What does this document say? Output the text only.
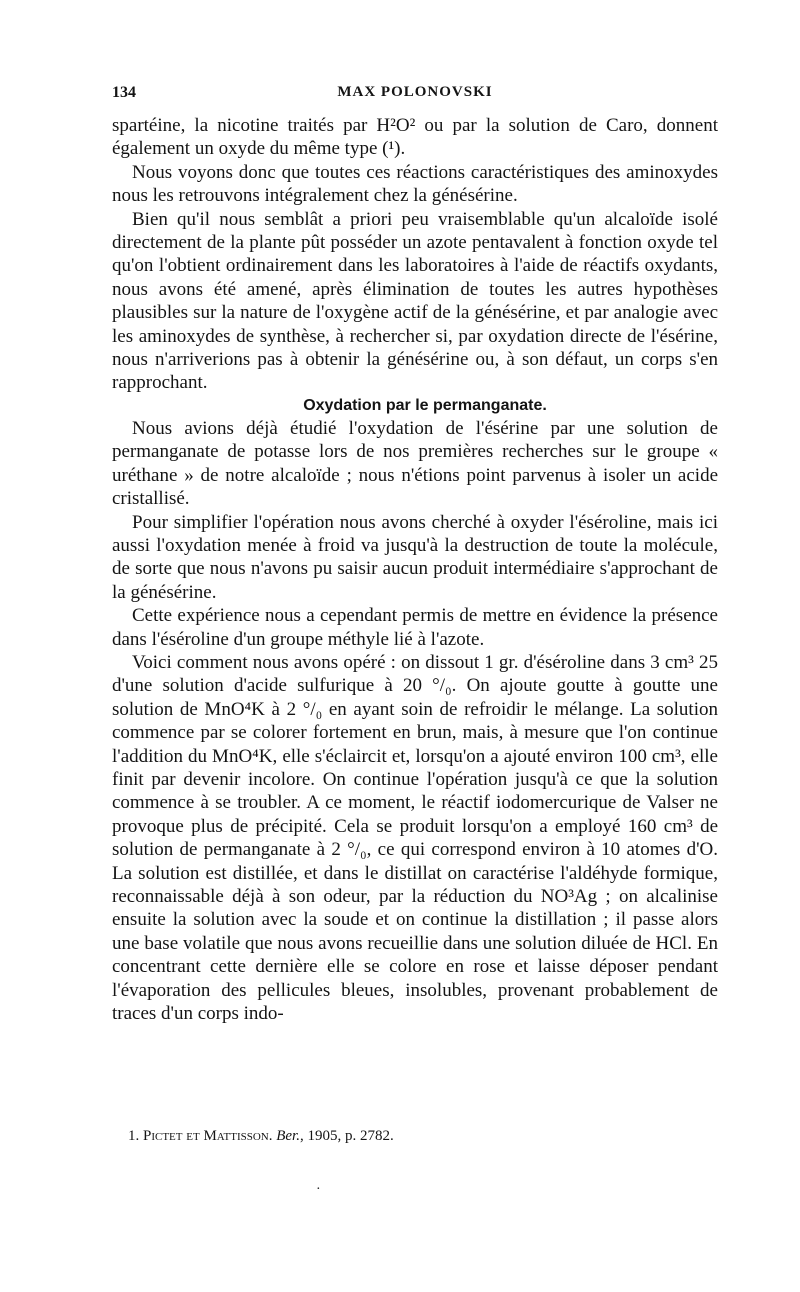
134	MAX POLONOVSKI

spartéine, la nicotine traités par H²O² ou par la solution de Caro, donnent également un oxyde du même type (¹).

Nous voyons donc que toutes ces réactions caractéristiques des aminoxydes nous les retrouvons intégralement chez la génésérine.

Bien qu'il nous semblât a priori peu vraisemblable qu'un alcaloïde isolé directement de la plante pût posséder un azote pentavalent à fonction oxyde tel qu'on l'obtient ordinairement dans les laboratoires à l'aide de réactifs oxydants, nous avons été amené, après élimination de toutes les autres hypothèses plausibles sur la nature de l'oxygène actif de la génésérine, et par analogie avec les aminoxydes de synthèse, à rechercher si, par oxydation directe de l'ésérine, nous n'arriverions pas à obtenir la génésérine ou, à son défaut, un corps s'en rapprochant.

Oxydation par le permanganate.

Nous avions déjà étudié l'oxydation de l'ésérine par une solution de permanganate de potasse lors de nos premières recherches sur le groupe « uréthane » de notre alcaloïde ; nous n'étions point parvenus à isoler un acide cristallisé.

Pour simplifier l'opération nous avons cherché à oxyder l'éséroline, mais ici aussi l'oxydation menée à froid va jusqu'à la destruction de toute la molécule, de sorte que nous n'avons pu saisir aucun produit intermédiaire s'approchant de la génésérine.

Cette expérience nous a cependant permis de mettre en évidence la présence dans l'éséroline d'un groupe méthyle lié à l'azote.

Voici comment nous avons opéré : on dissout 1 gr. d'éséroline dans 3 cm³ 25 d'une solution d'acide sulfurique à 20 °/₀. On ajoute goutte à goutte une solution de MnO⁴K à 2 °/₀ en ayant soin de refroidir le mélange. La solution commence par se colorer fortement en brun, mais, à mesure que l'on continue l'addition du MnO⁴K, elle s'éclaircit et, lorsqu'on a ajouté environ 100 cm³, elle finit par devenir incolore. On continue l'opération jusqu'à ce que la solution commence à se troubler. A ce moment, le réactif iodomercurique de Valser ne provoque plus de précipité. Cela se produit lorsqu'on a employé 160 cm³ de solution de permanganate à 2 °/₀, ce qui correspond environ à 10 atomes d'O. La solution est distillée, et dans le distillat on caractérise l'aldéhyde formique, reconnaissable déjà à son odeur, par la réduction du NO³Ag ; on alcalinise ensuite la solution avec la soude et on continue la distillation ; il passe alors une base volatile que nous avons recueillie dans une solution diluée de HCl. En concentrant cette dernière elle se colore en rose et laisse déposer pendant l'évaporation des pellicules bleues, insolubles, provenant probablement de traces d'un corps indo-

1. Pictet et Mattisson. Ber., 1905, p. 2782.
·
